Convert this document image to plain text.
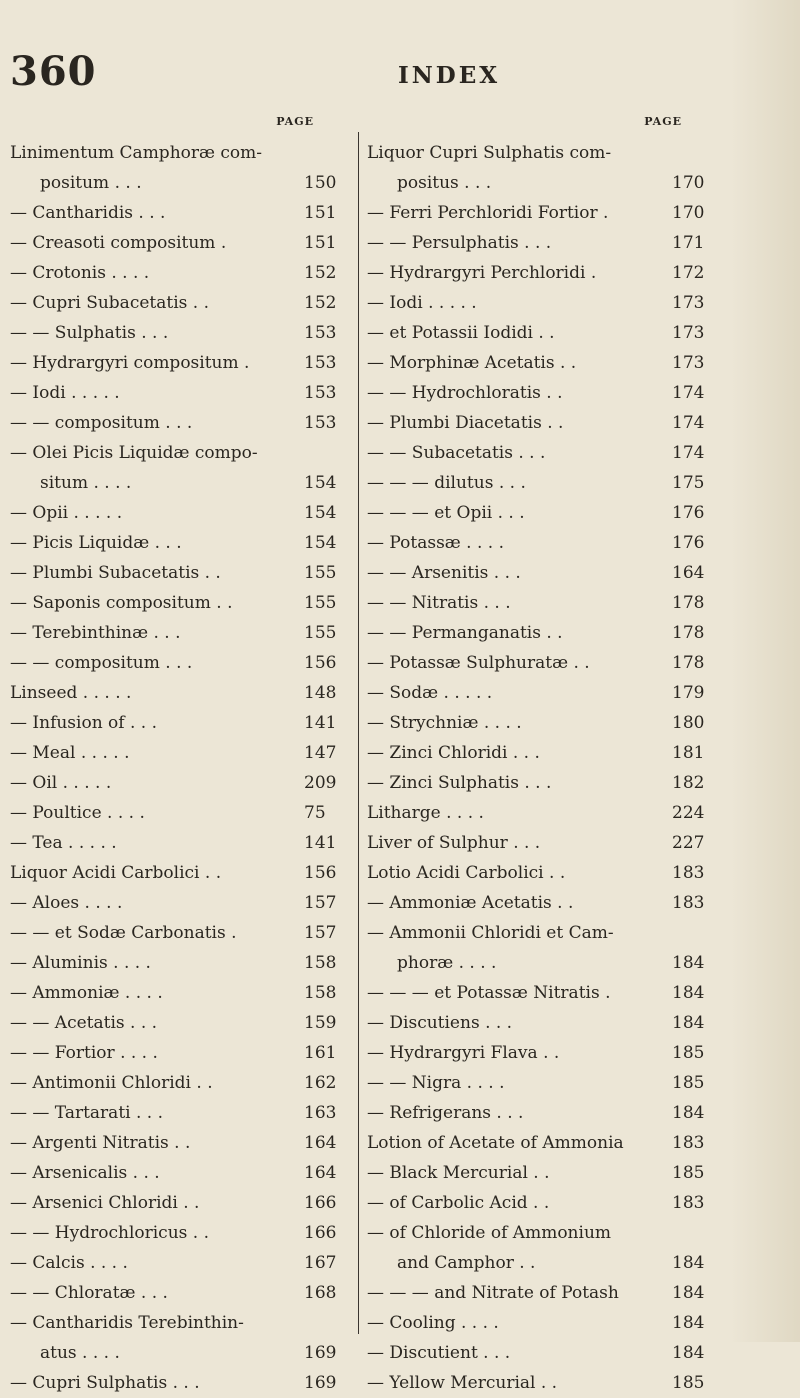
360	INDEX
PAGE
Linimentum Camphoræ com-
positum . . .	150
— Cantharidis . . .	151
— Creasoti compositum .	151
— Crotonis . . . .	152
— Cupri Subacetatis . .	152
— — Sulphatis . . .	153
— Hydrargyri compositum .	153
— Iodi . . . . .	153
— — compositum . . .	153
— Olei Picis Liquidæ compo-
situm . . . .	154
— Opii . . . . .	154
— Picis Liquidæ . . .	154
— Plumbi Subacetatis . .	155
— Saponis compositum . .	155
— Terebinthinæ . . .	155
— — compositum . . .	156
Linseed . . . . .	148
— Infusion of . . .	141
— Meal . . . . .	147
— Oil . . . . .	209
— Poultice . . . .	75
— Tea . . . . .	141
Liquor Acidi Carbolici . .	156
— Aloes . . . .	157
— — et Sodæ Carbonatis .	157
— Aluminis . . . .	158
— Ammoniæ . . . .	158
— — Acetatis . . .	159
— — Fortior . . . .	161
— Antimonii Chloridi . .	162
— — Tartarati . . .	163
— Argenti Nitratis . .	164
— Arsenicalis . . .	164
— Arsenici Chloridi . .	166
— — Hydrochloricus . .	166
— Calcis . . . .	167
— — Chloratæ . . .	168
— Cantharidis Terebinthin-
atus . . . .	169
— Cupri Sulphatis . . .	169
PAGE
Liquor Cupri Sulphatis com-
positus . . .	170
— Ferri Perchloridi Fortior .	170
— — Persulphatis . . .	171
— Hydrargyri Perchloridi .	172
— Iodi . . . . .	173
— et Potassii Iodidi . .	173
— Morphinæ Acetatis . .	173
— — Hydrochloratis . .	174
— Plumbi Diacetatis . .	174
— — Subacetatis . . .	174
— — — dilutus . . .	175
— — — et Opii . . .	176
— Potassæ . . . .	176
— — Arsenitis . . .	164
— — Nitratis . . .	178
— — Permanganatis . .	178
— Potassæ Sulphuratæ . .	178
— Sodæ . . . . .	179
— Strychniæ . . . .	180
— Zinci Chloridi . . .	181
— Zinci Sulphatis . . .	182
Litharge . . . .	224
Liver of Sulphur . . .	227
Lotio Acidi Carbolici . .	183
— Ammoniæ Acetatis . .	183
— Ammonii Chloridi et Cam-
phoræ . . . .	184
— — — et Potassæ Nitratis .	184
— Discutiens . . .	184
— Hydrargyri Flava . .	185
— — Nigra . . . .	185
— Refrigerans . . .	184
Lotion of Acetate of Ammonia	183
— Black Mercurial . .	185
— of Carbolic Acid . .	183
— of Chloride of Ammonium
and Camphor . .	184
— — — and Nitrate of Potash	184
— Cooling . . . .	184
— Discutient . . .	184
— Yellow Mercurial . .	185
